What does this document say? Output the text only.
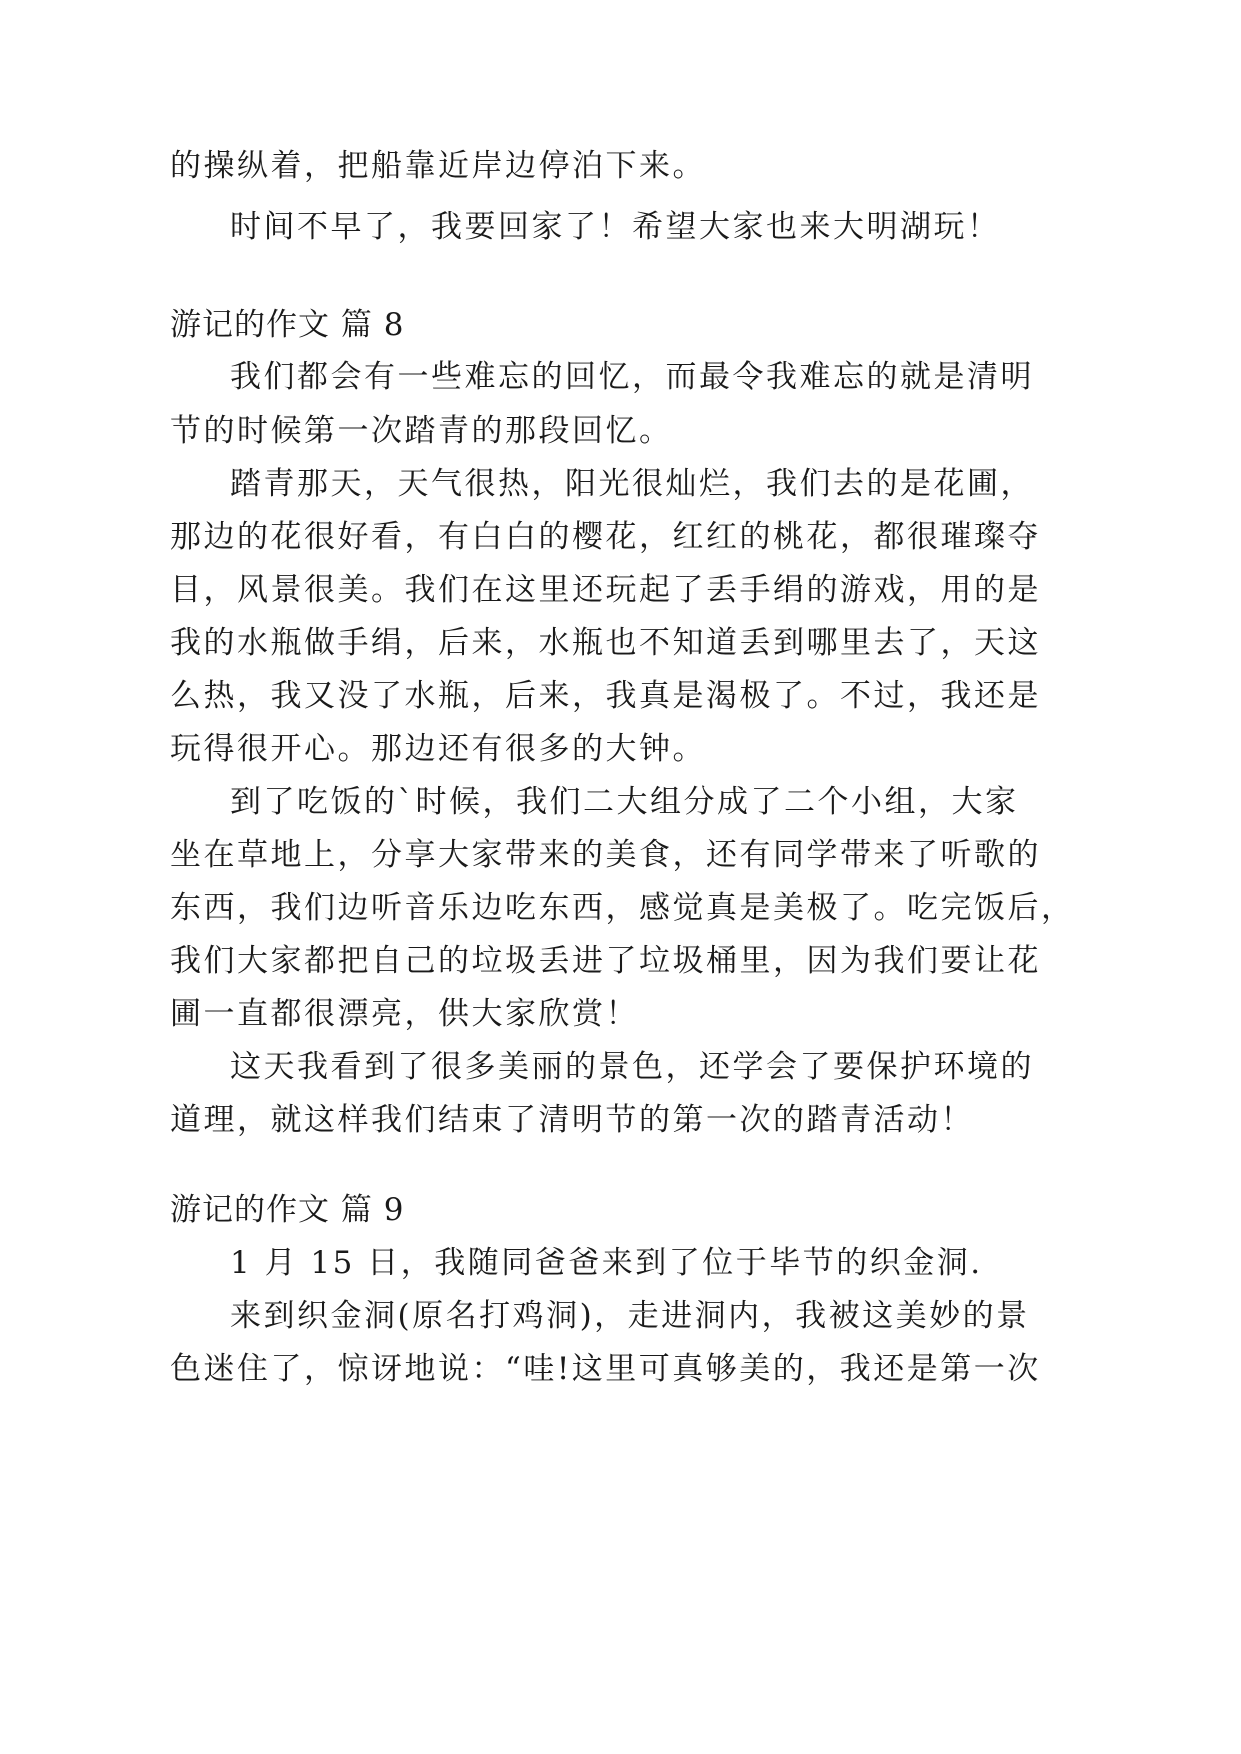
的操纵着，把船靠近岸边停泊下来。
时间不早了，我要回家了！希望大家也来大明湖玩！
游记的作文 篇 8
我们都会有一些难忘的回忆，而最令我难忘的就是清明
节的时候第一次踏青的那段回忆。
踏青那天，天气很热，阳光很灿烂，我们去的是花圃，
那边的花很好看，有白白的樱花，红红的桃花，都很璀璨夺
目，风景很美。我们在这里还玩起了丢手绢的游戏，用的是
我的水瓶做手绢，后来，水瓶也不知道丢到哪里去了，天这
么热，我又没了水瓶，后来，我真是渴极了。不过，我还是
玩得很开心。那边还有很多的大钟。
到了吃饭的`时候，我们二大组分成了二个小组，大家
坐在草地上，分享大家带来的美食，还有同学带来了听歌的
东西，我们边听音乐边吃东西，感觉真是美极了。吃完饭后，
我们大家都把自己的垃圾丢进了垃圾桶里，因为我们要让花
圃一直都很漂亮，供大家欣赏！
这天我看到了很多美丽的景色，还学会了要保护环境的
道理，就这样我们结束了清明节的第一次的踏青活动！
游记的作文 篇 9
1 月 15 日，我随同爸爸来到了位于毕节的织金洞.
来到织金洞(原名打鸡洞)，走进洞内，我被这美妙的景
色迷住了，惊讶地说：“哇!这里可真够美的，我还是第一次
